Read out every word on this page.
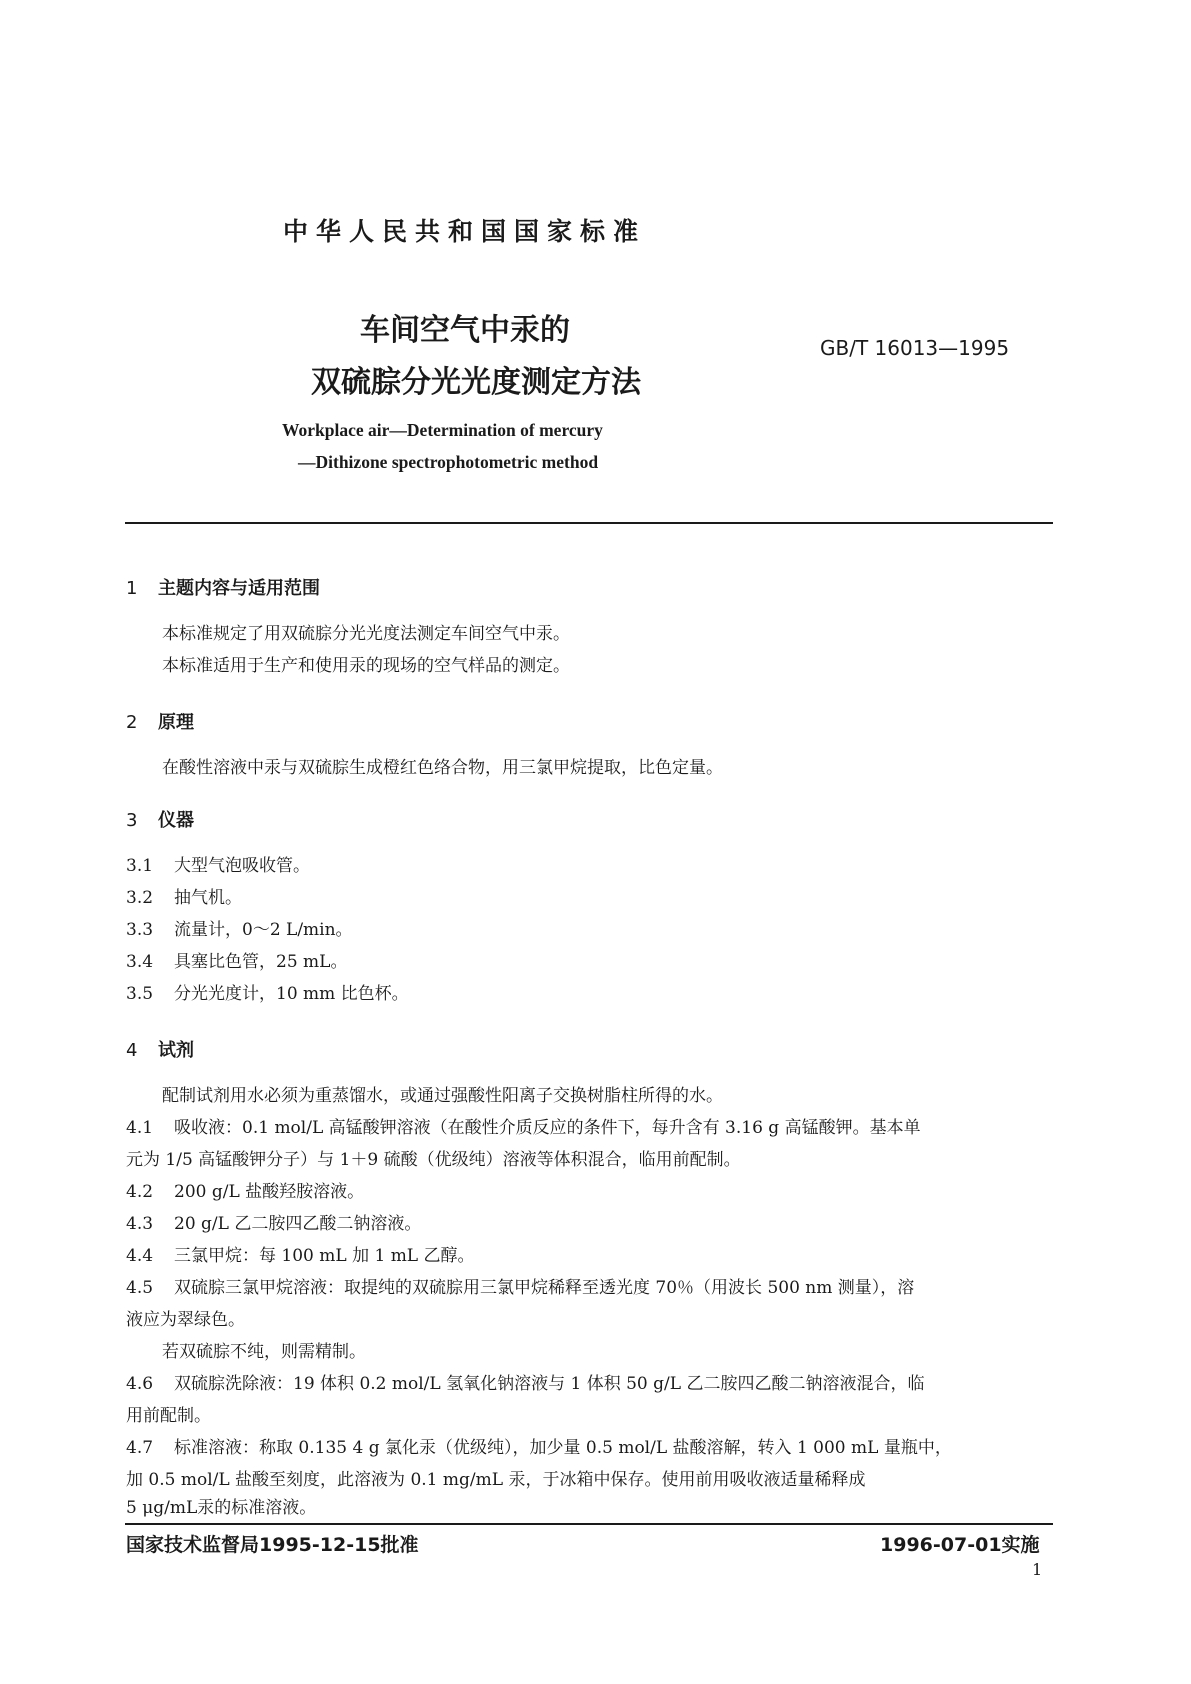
中华人民共和国国家标准
车间空气中汞的
双硫腙分光光度测定方法
GB/T 16013—1995
Workplace air—Determination of mercury
—Dithizone spectrophotometric method
1 主题内容与适用范围
本标准规定了用双硫腙分光光度法测定车间空气中汞。
本标准适用于生产和使用汞的现场的空气样品的测定。
2 原理
在酸性溶液中汞与双硫腙生成橙红色络合物，用三氯甲烷提取，比色定量。
3 仪器
3.1 大型气泡吸收管。
3.2 抽气机。
3.3 流量计，0～2 L/min。
3.4 具塞比色管，25 mL。
3.5 分光光度计，10 mm 比色杯。
4 试剂
配制试剂用水必须为重蒸馏水，或通过强酸性阳离子交换树脂柱所得的水。
4.1 吸收液：0.1 mol/L 高锰酸钾溶液（在酸性介质反应的条件下，每升含有 3.16 g 高锰酸钾。基本单
元为 1/5 高锰酸钾分子）与 1＋9 硫酸（优级纯）溶液等体积混合，临用前配制。
4.2 200 g/L 盐酸羟胺溶液。
4.3 20 g/L 乙二胺四乙酸二钠溶液。
4.4 三氯甲烷：每 100 mL 加 1 mL 乙醇。
4.5 双硫腙三氯甲烷溶液：取提纯的双硫腙用三氯甲烷稀释至透光度 70％（用波长 500 nm 测量），溶
液应为翠绿色。
若双硫腙不纯，则需精制。
4.6 双硫腙洗除液：19 体积 0.2 mol/L 氢氧化钠溶液与 1 体积 50 g/L 乙二胺四乙酸二钠溶液混合，临
用前配制。
4.7 标准溶液：称取 0.135 4 g 氯化汞（优级纯），加少量 0.5 mol/L 盐酸溶解，转入 1 000 mL 量瓶中，
加 0.5 mol/L 盐酸至刻度，此溶液为 0.1 mg/mL 汞，于冰箱中保存。使用前用吸收液适量稀释成
5 μg/mL汞的标准溶液。
国家技术监督局1995-12-15批准	1996-07-01实施
1
